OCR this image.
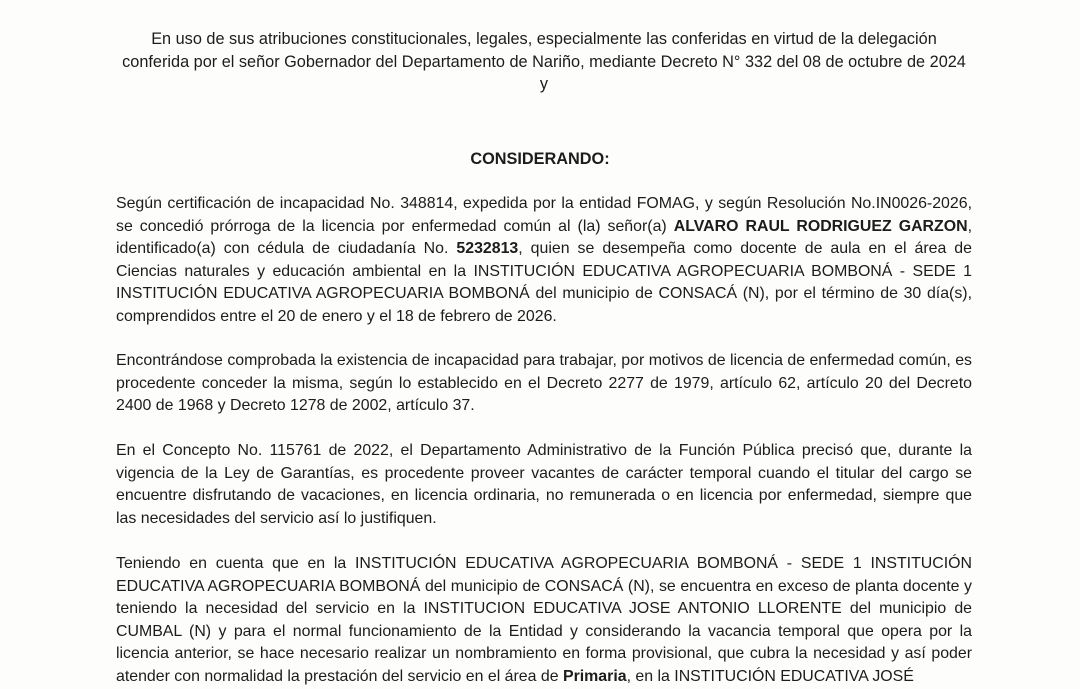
En uso de sus atribuciones constitucionales, legales, especialmente las conferidas en virtud de la delegación conferida por el señor Gobernador del Departamento de Nariño, mediante Decreto N° 332 del 08 de octubre de 2024 y
CONSIDERANDO:
Según certificación de incapacidad No. 348814, expedida por la entidad FOMAG, y según Resolución No.IN0026-2026, se concedió prórroga de la licencia por enfermedad común al (la) señor(a) ALVARO RAUL RODRIGUEZ GARZON, identificado(a) con cédula de ciudadanía No. 5232813, quien se desempeña como docente de aula en el área de Ciencias naturales y educación ambiental en la INSTITUCIÓN EDUCATIVA AGROPECUARIA BOMBONÁ - SEDE 1 INSTITUCIÓN EDUCATIVA AGROPECUARIA BOMBONÁ del municipio de CONSACÁ (N), por el término de 30 día(s), comprendidos entre el 20 de enero y el 18 de febrero de 2026.
Encontrándose comprobada la existencia de incapacidad para trabajar, por motivos de licencia de enfermedad común, es procedente conceder la misma, según lo establecido en el Decreto 2277 de 1979, artículo 62, artículo 20 del Decreto 2400 de 1968 y Decreto 1278 de 2002, artículo 37.
En el Concepto No. 115761 de 2022, el Departamento Administrativo de la Función Pública precisó que, durante la vigencia de la Ley de Garantías, es procedente proveer vacantes de carácter temporal cuando el titular del cargo se encuentre disfrutando de vacaciones, en licencia ordinaria, no remunerada o en licencia por enfermedad, siempre que las necesidades del servicio así lo justifiquen.
Teniendo en cuenta que en la INSTITUCIÓN EDUCATIVA AGROPECUARIA BOMBONÁ - SEDE 1 INSTITUCIÓN EDUCATIVA AGROPECUARIA BOMBONÁ del municipio de CONSACÁ (N), se encuentra en exceso de planta docente y teniendo la necesidad del servicio en la INSTITUCION EDUCATIVA JOSE ANTONIO LLORENTE del municipio de CUMBAL (N) y para el normal funcionamiento de la Entidad y considerando la vacancia temporal que opera por la licencia anterior, se hace necesario realizar un nombramiento en forma provisional, que cubra la necesidad y así poder atender con normalidad la prestación del servicio en el área de Primaria, en la INSTITUCIÓN EDUCATIVA JOSÉ
